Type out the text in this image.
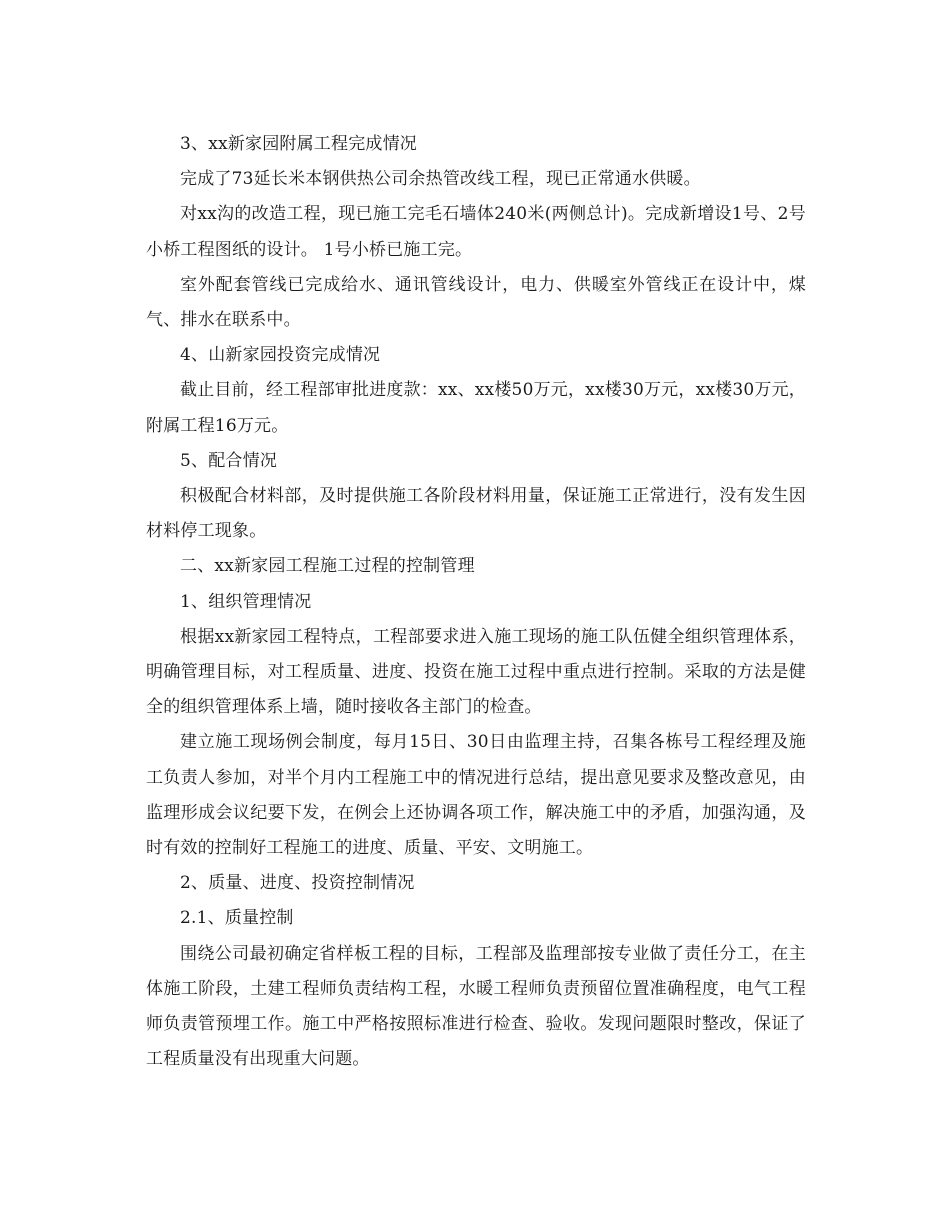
3、xx新家园附属工程完成情况

完成了73延长米本钢供热公司余热管改线工程，现已正常通水供暖。

对xx沟的改造工程，现已施工完毛石墙体240米(两侧总计)。完成新增设1号、2号小桥工程图纸的设计。 1号小桥已施工完。

室外配套管线已完成给水、通讯管线设计，电力、供暖室外管线正在设计中，煤气、排水在联系中。

4、山新家园投资完成情况

截止目前，经工程部审批进度款：xx、xx楼50万元，xx楼30万元，xx楼30万元，附属工程16万元。

5、配合情况

积极配合材料部，及时提供施工各阶段材料用量，保证施工正常进行，没有发生因材料停工现象。

二、xx新家园工程施工过程的控制管理

1、组织管理情况

根据xx新家园工程特点，工程部要求进入施工现场的施工队伍健全组织管理体系，明确管理目标，对工程质量、进度、投资在施工过程中重点进行控制。采取的方法是健全的组织管理体系上墙，随时接收各主部门的检查。

建立施工现场例会制度，每月15日、30日由监理主持，召集各栋号工程经理及施工负责人参加，对半个月内工程施工中的情况进行总结，提出意见要求及整改意见，由监理形成会议纪要下发，在例会上还协调各项工作，解决施工中的矛盾，加强沟通，及时有效的控制好工程施工的进度、质量、平安、文明施工。

2、质量、进度、投资控制情况

2.1、质量控制

围绕公司最初确定省样板工程的目标，工程部及监理部按专业做了责任分工，在主体施工阶段，土建工程师负责结构工程，水暖工程师负责预留位置准确程度，电气工程师负责管预埋工作。施工中严格按照标准进行检查、验收。发现问题限时整改，保证了工程质量没有出现重大问题。
